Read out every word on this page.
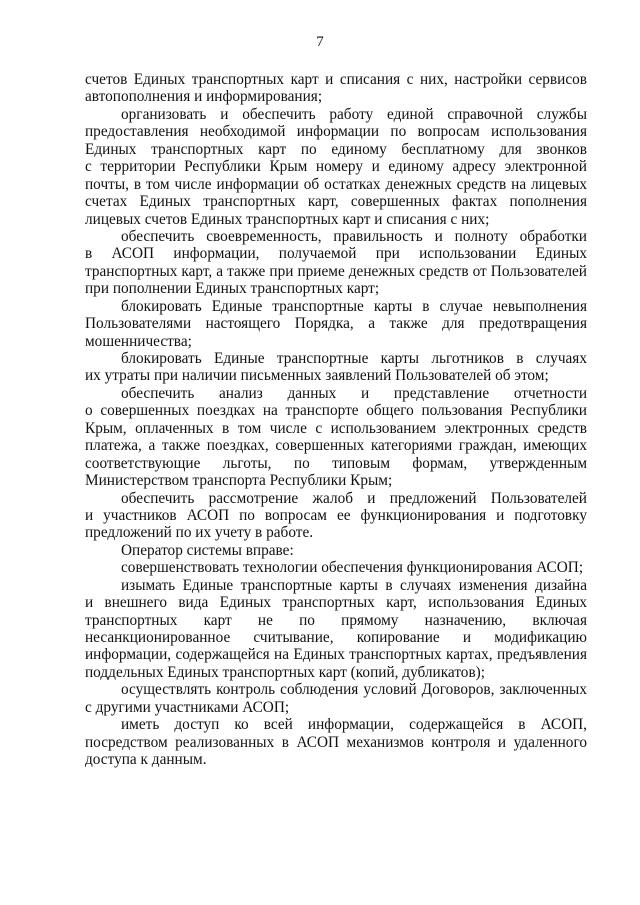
7
счетов Единых транспортных карт и списания с них, настройки сервисов
автопополнения и информирования;
организовать и обеспечить работу единой справочной службы
предоставления необходимой информации по вопросам использования
Единых транспортных карт по единому бесплатному для звонков
с территории Республики Крым номеру и единому адресу электронной
почты, в том числе информации об остатках денежных средств на лицевых
счетах Единых транспортных карт, совершенных фактах пополнения
лицевых счетов Единых транспортных карт и списания с них;
обеспечить своевременность, правильность и полноту обработки
в АСОП информации, получаемой при использовании Единых
транспортных карт, а также при приеме денежных средств от Пользователей
при пополнении Единых транспортных карт;
блокировать Единые транспортные карты в случае невыполнения
Пользователями настоящего Порядка, а также для предотвращения
мошенничества;
блокировать Единые транспортные карты льготников в случаях
их утраты при наличии письменных заявлений Пользователей об этом;
обеспечить анализ данных и представление отчетности
о совершенных поездках на транспорте общего пользования Республики
Крым, оплаченных в том числе с использованием электронных средств
платежа, а также поездках, совершенных категориями граждан, имеющих
соответствующие льготы, по типовым формам, утвержденным
Министерством транспорта Республики Крым;
обеспечить рассмотрение жалоб и предложений Пользователей
и участников АСОП по вопросам ее функционирования и подготовку
предложений по их учету в работе.
Оператор системы вправе:
совершенствовать технологии обеспечения функционирования АСОП;
изымать Единые транспортные карты в случаях изменения дизайна
и внешнего вида Единых транспортных карт, использования Единых
транспортных карт не по прямому назначению, включая
несанкционированное считывание, копирование и модификацию
информации, содержащейся на Единых транспортных картах, предъявления
поддельных Единых транспортных карт (копий, дубликатов);
осуществлять контроль соблюдения условий Договоров, заключенных
с другими участниками АСОП;
иметь доступ ко всей информации, содержащейся в АСОП,
посредством реализованных в АСОП механизмов контроля и удаленного
доступа к данным.
